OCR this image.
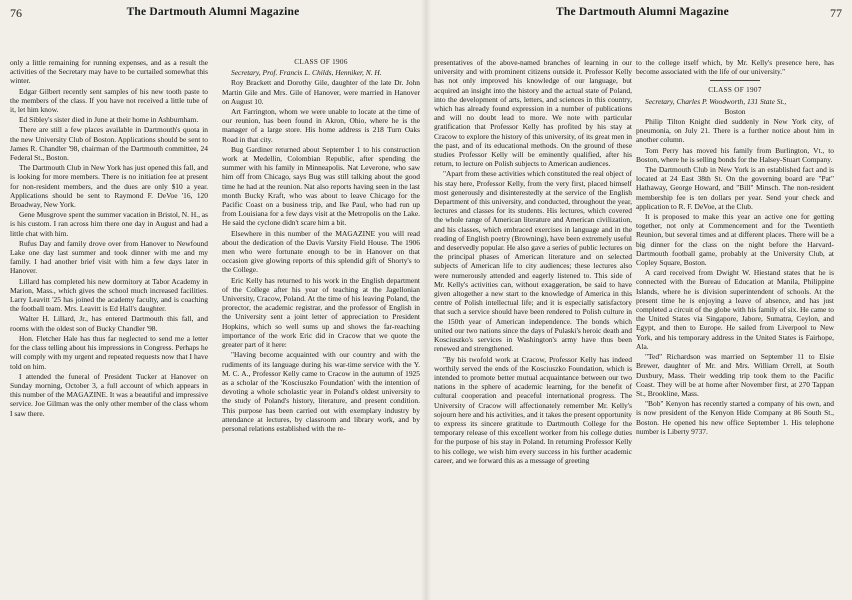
76	The Dartmouth Alumni Magazine

only a little remaining for running expenses, and as a result the activities of the Secretary may have to be curtailed somewhat this winter.

Edgar Gilbert recently sent samples of his new tooth paste to the members of the class. If you have not received a little tube of it, let him know.

Ed Sibley's sister died in June at their home in Ashburnham.

There are still a few places available in Dartmouth's quota in the new University Club of Boston. Applications should be sent to James R. Chandler '98, chairman of the Dartmouth committee, 24 Federal St., Boston.

The Dartmouth Club in New York has just opened this fall, and is looking for more members. There is no initiation fee at present for non-resident members, and the dues are only $10 a year. Applications should be sent to Raymond F. DeVoe '16, 120 Broadway, New York.

Gene Musgrove spent the summer vacation in Bristol, N. H., as is his custom. I ran across him there one day in August and had a little chat with him.

Rufus Day and family drove over from Hanover to Newfound Lake one day last summer and took dinner with me and my family. I had another brief visit with him a few days later in Hanover.

Lillard has completed his new dormitory at Tabor Academy in Marion, Mass., which gives the school much increased facilities. Larry Leavitt '25 has joined the academy faculty, and is coaching the football team. Mrs. Leavitt is Ed Hall's daughter.

Walter H. Lillard, Jr., has entered Dartmouth this fall, and rooms with the oldest son of Bucky Chandler '98.

Hon. Fletcher Hale has thus far neglected to send me a letter for the class telling about his impressions in Congress. Perhaps he will comply with my urgent and repeated requests now that I have told on him.

I attended the funeral of President Tucker at Hanover on Sunday morning, October 3, a full account of which appears in this number of the MAGAZINE. It was a beautiful and impressive service. Joe Gilman was the only other member of the class whom I saw there.

CLASS OF 1906

Secretary, Prof. Francis L. Childs, Henniker, N. H.

Roy Brackett and Dorothy Gile, daughter of the late Dr. John Martin Gile and Mrs. Gile of Hanover, were married in Hanover on August 10.

Art Farrington, whom we were unable to locate at the time of our reunion, has been found in Akron, Ohio, where he is the manager of a large store. His home address is 218 Turn Oaks Road in that city.

Bug Gardiner returned about September 1 to his construction work at Medellin, Colombian Republic, after spending the summer with his family in Minneapolis. Nat Leverone, who saw him off from Chicago, says Bug was still talking about the good time he had at the reunion. Nat also reports having seen in the last month Bucky Kraft, who was about to leave Chicago for the Pacific Coast on a business trip, and Ike Paul, who had run up from Louisiana for a few days visit at the Metropolis on the Lake. He said the cyclone didn't scare him a bit.

Elsewhere in this number of the MAGAZINE you will read about the dedication of the Davis Varsity Field House. The 1906 men who were fortunate enough to be in Hanover on that occasion give glowing reports of this splendid gift of Shorty's to the College.

Eric Kelly has returned to his work in the English department of the College after his year of teaching at the Jagellonian University, Cracow, Poland. At the time of his leaving Poland, the prorector, the academic registrar, and the professor of English in the University sent a joint letter of appreciation to President Hopkins, which so well sums up and shows the far-reaching importance of the work Eric did in Cracow that we quote the greater part of it here:

"Having become acquainted with our country and with the rudiments of its language during his war-time service with the Y. M. C. A., Professor Kelly came to Cracow in the autumn of 1925 as a scholar of the 'Kosciuszko Foundation' with the intention of devoting a whole scholastic year in Poland's oldest university to the study of Poland's history, literature, and present condition. This purpose has been carried out with exemplary industry by attendance at lectures, by classroom and library work, and by personal relations established with the re-

The Dartmouth Alumni Magazine	77

presentatives of the above-named branches of learning in our university and with prominent citizens outside it. Professor Kelly has not only improved his knowledge of our language, but acquired an insight into the history and the actual state of Poland, into the development of arts, letters, and sciences in this country, which has already found expression in a number of publications and will no doubt lead to more. We note with particular gratification that Professor Kelly has profited by his stay at Cracow to explore the history of this university, of its great men in the past, and of its educational methods. On the ground of these studies Professor Kelly will be eminently qualified, after his return, to lecture on Polish subjects to American audiences.

"Apart from these activities which constituted the real object of his stay here, Professor Kelly, from the very first, placed himself most generously and disinterestedly at the service of the English Department of this university, and conducted, throughout the year, lectures and classes for its students. His lectures, which covered the whole range of American literature and American civilization, and his classes, which embraced exercises in language and in the reading of English poetry (Browning), have been extremely useful and deservedly popular. He also gave a series of public lectures on the principal phases of American literature and on selected subjects of American life to city audiences; these lectures also were numerously attended and eagerly listened to. This side of Mr. Kelly's activities can, without exaggeration, be said to have given altogether a new start to the knowledge of America in this centre of Polish intellectual life; and it is especially satisfactory that such a service should have been rendered to Polish culture in the 150th year of American independence. The bonds which united our two nations since the days of Pulaski's heroic death and Kosciuszko's services in Washington's army have thus been renewed and strengthened.

"By his twofold work at Cracow, Professor Kelly has indeed worthily served the ends of the Kosciuszko Foundation, which is intended to promote better mutual acquaintance between our two nations in the sphere of academic learning, for the benefit of cultural cooperation and peaceful international progress. The University of Cracow will affectionately remember Mr. Kelly's sojourn here and his activities, and it takes the present opportunity to express its sincere gratitude to Dartmouth College for the temporary release of this excellent worker from his college duties for the purpose of his stay in Poland. In returning Professor Kelly to his college, we wish him every success in his further academic career, and we forward this as a message of greeting

to the college itself which, by Mr. Kelly's presence here, has become associated with the life of our university."

CLASS OF 1907

Secretary, Charles P. Woodworth, 131 State St.,

Boston

Philip Tilton Knight died suddenly in New York city, of pneumonia, on July 21. There is a further notice about him in another column.

Tom Perry has moved his family from Burlington, Vt., to Boston, where he is selling bonds for the Halsey-Stuart Company.

The Dartmouth Club in New York is an established fact and is located at 24 East 38th St. On the governing board are "Pat" Hathaway, George Howard, and "Bill" Minsch. The non-resident membership fee is ten dollars per year. Send your check and application to R. F. DeVoe, at the Club.

It is proposed to make this year an active one for getting together, not only at Commencement and for the Twentieth Reunion, but several times and at different places. There will be a big dinner for the class on the night before the Harvard-Dartmouth football game, probably at the University Club, at Copley Square, Boston.

A card received from Dwight W. Hiestand states that he is connected with the Bureau of Education at Manila, Philippine Islands, where he is division superintendent of schools. At the present time he is enjoying a leave of absence, and has just completed a circuit of the globe with his family of six. He came to the United States via Singapore, Jabore, Sumatra, Ceylon, and Egypt, and then to Europe. He sailed from Liverpool to New York, and his temporary address in the United States is Fairhope, Ala.

"Ted" Richardson was married on September 11 to Elsie Brewer, daughter of Mr. and Mrs. William Orrell, at South Duxbury, Mass. Their wedding trip took them to the Pacific Coast. They will be at home after November first, at 270 Tappan St., Brookline, Mass.

"Bob" Kenyon has recently started a company of his own, and is now president of the Kenyon Hide Company at 86 South St., Boston. He opened his new office September 1. His telephone number is Liberty 9737.
